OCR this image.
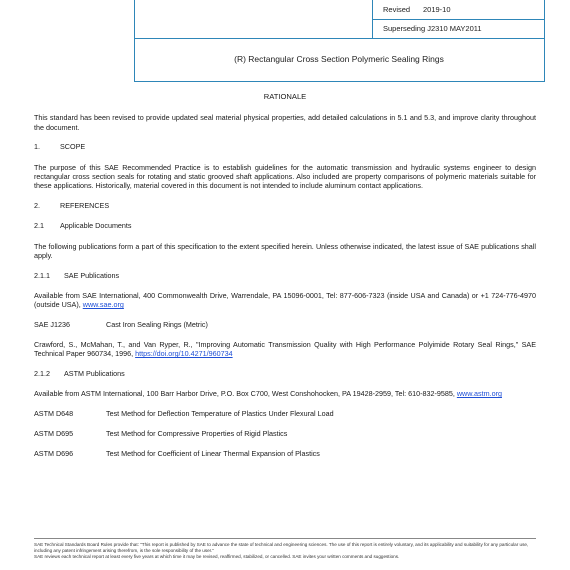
Revised 2019-10
Superseding J2310 MAY2011
(R) Rectangular Cross Section Polymeric Sealing Rings

RATIONALE

This standard has been revised to provide updated seal material physical properties, add detailed calculations in 5.1 and 5.3, and improve clarity throughout the document.

1.	SCOPE

The purpose of this SAE Recommended Practice is to establish guidelines for the automatic transmission and hydraulic systems engineer to design rectangular cross section seals for rotating and static grooved shaft applications. Also included are property comparisons of polymeric materials suitable for these applications. Historically, material covered in this document is not intended to include aluminum contact applications.

2.	REFERENCES

2.1 Applicable Documents

The following publications form a part of this specification to the extent specified herein. Unless otherwise indicated, the latest issue of SAE publications shall apply.

2.1.1 SAE Publications

Available from SAE International, 400 Commonwealth Drive, Warrendale, PA 15096-0001, Tel: 877-606-7323 (inside USA and Canada) or +1 724-776-4970 (outside USA), www.sae.org

SAE J1236	Cast Iron Sealing Rings (Metric)

Crawford, S., McMahan, T., and Van Ryper, R., "Improving Automatic Transmission Quality with High Performance Polyimide Rotary Seal Rings," SAE Technical Paper 960734, 1996, https://doi.org/10.4271/960734

2.1.2 ASTM Publications

Available from ASTM International, 100 Barr Harbor Drive, P.O. Box C700, West Conshohocken, PA 19428-2959, Tel: 610-832-9585, www.astm.org

ASTM D648	Test Method for Deflection Temperature of Plastics Under Flexural Load
ASTM D695	Test Method for Compressive Properties of Rigid Plastics
ASTM D696	Test Method for Coefficient of Linear Thermal Expansion of Plastics
SAE Technical Standards Board Rules provide that: "This report is published by SAE to advance the state of technical and engineering sciences. The use of this report is entirely voluntary, and its applicability and suitability for any particular use, including any patent infringement arising therefrom, is the sole responsibility of the user."
SAE reviews each technical report at least every five years at which time it may be revised, reaffirmed, stabilized, or cancelled. SAE invites your written comments and suggestions.
